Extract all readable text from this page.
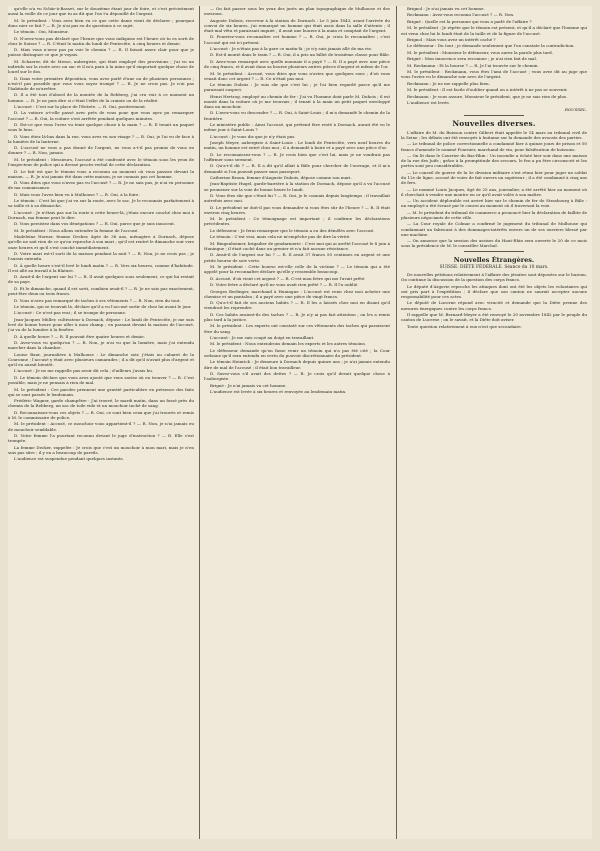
qu'elle n'a vu Schär-à-Basset, sur le douzième étant jour de foire, et c'est précisément aussi la veille de ce jour que tu as dit que l'on t'a dépouillé de l'argent.

M. le président : Vous avez bien vu ce que cette dame vient de déclarer ; pourquoi donc nier ce fait ? — R. Je n'ai pas eu de questions à ce sujet.

Le témoin : Oui, Monsieur.

D. N'avez-vous pas déclaré que l'heure que vous indiquiez est l'heure où tu es sorti de chez le Suisse ? — R. C'était le matin du lundi de Pentecôte, à cinq heures et demie.

D. Mais vous n'avez pas pu voir le chemin ? — R. Il faisait assez clair pour que je puisse distinguer ce que je voyais.

M. Schaerer, dit de Messe, aubergiste, qui était employé des provisions ; j'ai vu un individu sur la route avec un sac et il m'a paru à la mine qu'il emportait quelque chose de lourd sur le dos.

D. Dans votre première déposition, vous avez parlé d'une ou de plusieurs personnes ; n'est-il pas possible que vous vous soyez trompé ? — R. Je ne crois pas. Je n'ai pas l'habitude de m'arrêter.

D. Il a été tout d'abord de la montée de la Rebberg, j'ai cru voir à ce moment un homme. — R. Je ne puis dire si c'était l'effet de la crainte ou de la réalité.

L'accusé : C'est sur la place de l'Entrée. — R. Oui, positivement.

D. La voiture a-t-elle passé avec près de vous pour que vous ayez pu remarquer l'accusé ? — R. Oui, la voiture s'est arrêtée pendant quelques minutes.

D. Est-ce que vous l'avez vu tenir quelque chose à la main ? — R. Il tenait un paquet sous le bras.

D. Vous étiez là-bas dans la rue, vous avez vu son visage ? — R. Oui, je l'ai vu de face à la lumière de la lanterne.

D. L'accusé ne vous a pas donné de l'argent, ne vous a-t-il pas promis de vous en donner ? — R. Non, jamais.

M. le président : Messieurs, l'accusé a été confronté avec le témoin sous les yeux de l'inspecteur de police qui a dressé procès-verbal de cette déclaration.

D. Le fait est que le témoin vous a reconnu au moment où vous passiez devant la maison. — R. Je n'ai jamais été dans cette maison, je ne connais pas cet homme.

D. Vous dites que vous n'avez pas vu l'accusé ? — R. Je ne sais pas, je n'ai vu personne de ma connaissance.

D. Mais vous l'avez bien vu à Mulhouse ? — R. Oui, à la foire.

Le témoin : C'est lui que j'ai vu sur la route, avec le sac. Je le reconnais parfaitement à sa taille et à sa démarche.

L'accusé : Je n'étais pas sur la route à cette heure-là, j'étais encore couché chez moi à Dornach, ma femme peut le dire.

D. Vous persistez dans vos dénégations ? — R. Oui, parce que je suis innocent.

M. le président : Nous allons entendre la femme de l'accusé.

Madeleine Horner, femme Decker, âgée de 36 ans, ménagère à Dornach, dépose qu'elle ne sait rien de ce qu'on reproche à son mari ; qu'il est rentré le dimanche soir vers onze heures et qu'il s'est couché immédiatement.

D. Votre mari est-il sorti de la maison pendant la nuit ? — R. Non, je ne crois pas ; je l'aurais entendu.

D. À quelle heure s'est-il levé le lundi matin ? — R. Vers six heures, comme d'habitude. Il est allé au travail à la filature.

D. Avait-il de l'argent sur lui ? — R. Il avait quelques sous seulement, ce qui lui restait de sa paye.

D. Et le dimanche, quand il est sorti, combien avait-il ? — R. Je ne sais pas exactement, peut-être deux ou trois francs.

D. Vous n'avez pas remarqué de taches à ses vêtements ? — R. Non, rien du tout.

Le témoin, qui se trouvait là, déclare qu'il a vu l'accusé sortir de chez lui avant le jour.

L'accusé : Ce n'est pas vrai ; il se trompe de personne.

Jean-Jacques Müller, cultivateur à Dornach, dépose : Le lundi de Pentecôte, je me suis levé de bonne heure pour aller à mon champ ; en passant devant la maison de l'accusé, j'ai vu de la lumière à la fenêtre.

D. À quelle heure ? — R. Il pouvait être quatre heures et demie.

D. Avez-vous vu quelqu'un ? — R. Non, je n'ai vu que la lumière, mais j'ai entendu marcher dans la chambre.

Louise Baur, journalière à Mulhouse : Le dimanche soir, j'étais au cabaret de la Couronne ; l'accusé y était avec plusieurs camarades ; il a dit qu'il n'avait plus d'argent et qu'il en aurait bientôt.

L'accusé : Je ne me rappelle pas avoir dit cela ; d'ailleurs j'avais bu.

D. Le témoin déclare que vous avez ajouté que vous saviez où en trouver ? — R. C'est possible, mais je ne pensais à rien de mal.

M. le président : Ces paroles prennent une gravité particulière en présence des faits qui se sont passés le lendemain.

Frédéric Wagner, garde champêtre : J'ai trouvé, le mardi matin, dans un fossé près du chemin de la Rebberg, un sac de toile vide et un mouchoir taché de sang.

D. Reconnaissez-vous ces objets ? — R. Oui, ce sont bien ceux que j'ai trouvés et remis à M. le commissaire de police.

M. le président : Accusé, ce mouchoir vous appartient-il ? — R. Non, je n'ai jamais eu de mouchoir semblable.

D. Votre femme l'a pourtant reconnu devant le juge d'instruction ? — R. Elle s'est trompée.

La femme Decker, rappelée : Je crois que c'est un mouchoir à mon mari, mais je n'en suis pas sûre ; il y en a beaucoup de pareils.

L'audience est suspendue pendant quelques instants.

— On fait passer sous les yeux des jurés un plan topographique de Mulhouse et des environs.

Auguste Dubois, receveur à la station de Dornach : Le 5 juin 1843, avant l'arrivée du convoi de six heures, j'ai remarqué un homme qui était assis dans la salle d'attente ; il était mal vêtu et paraissait inquiet ; il avait une bourse à la main et comptait de l'argent.

D. Pourriez-vous reconnaître cet homme ? — R. Oui, je crois le reconnaître ; c'est l'accusé qui est ici présent.

L'accusé : Je n'étais pas à la gare ce matin-là ; je n'y suis jamais allé de ma vie.

D. Est-il monté dans le train ? — R. Oui, il a pris un billet de troisième classe pour Bâle.

D. Avez-vous remarqué avec quelle monnaie il a payé ? — R. Il a payé avec une pièce de cinq francs, et il avait dans sa bourse plusieurs autres pièces d'argent et même de l'or.

M. le président : Accusé, vous dites que vous n'aviez que quelques sous ; d'où vous venait donc cet argent ? — R. Ce n'était pas moi.

Le témoin Dubois : Je suis sûr que c'est lui ; je l'ai bien regardé parce qu'il me paraissait suspect.

Henri Hertzog, employé au chemin de fer : J'ai vu l'homme dont parle M. Dubois ; il est monté dans la voiture où je me trouvais ; il tenait à la main un petit paquet enveloppé dans un mouchoir.

D. L'avez-vous vu descendre ? — R. Oui, à Saint-Louis ; il m'a demandé le chemin de la frontière.

Le ministère public : Ainsi l'accusé, qui prétend être resté à Dornach, aurait été vu le même jour à Saint-Louis ?

L'accusé : Je vous dis que je n'y étais pas.

Joseph Meyer, aubergiste à Saint-Louis : Le lundi de Pentecôte, vers neuf heures du matin, un homme est entré chez moi ; il a demandé à boire et a payé avec une pièce d'or.

D. Le reconnaissez-vous ? — R. Je crois bien que c'est lui, mais je ne voudrais pas l'affirmer sous serment.

D. Qu'a-t-il dit ? — R. Il a dit qu'il allait à Bâle pour chercher de l'ouvrage, et il m'a demandé si l'on pouvait passer sans passeport.

Catherine Braun, femme d'Auguste Dubois, dépose comme son mari.

Jean-Baptiste Hugel, garde-barrière à la station de Dornach, dépose qu'il a vu l'accusé se promener sur la voie de bonne heure le lundi.

D. Vous êtes sûr que c'était lui ? — R. Oui, je le connais depuis longtemps ; il travaillait autrefois avec moi.

D. Le président ne doit-il pas vous demander si vous êtes sûr de l'heure ? — R. Il était environ cinq heures.

M. le président : Ce témoignage est important ; il confirme les déclarations précédentes.

Le défenseur : Je ferai remarquer que le témoin a eu des démêlés avec l'accusé.

Le témoin : C'est vrai, mais cela ne m'empêche pas de dire la vérité.

M. Bingenheimer, brigadier de gendarmerie : C'est moi qui ai arrêté l'accusé le 8 juin à Huningue ; il était caché dans un grenier et n'a fait aucune résistance.

D. Avait-il de l'argent sur lui ? — R. Il avait 37 francs 50 centimes en argent et une petite bourse de soie verte.

M. le président : Cette bourse est-elle celle de la victime ? — Le témoin qui a été appelé pour la reconnaître déclare qu'elle y ressemble beaucoup.

D. Accusé, d'où vient cet argent ? — R. C'est mon frère qui me l'avait prêté.

D. Votre frère a déclaré qu'il ne vous avait rien prêté ? — R. Il l'a oublié.

Georges Berlinger, marchand à Huningue : L'accusé est venu chez moi acheter une chemise et un pantalon ; il a payé avec une pièce de vingt francs.

D. Qu'a-t-il fait de ses anciens habits ? — R. Il les a laissés chez moi en disant qu'il viendrait les reprendre.

D. Ces habits avaient-ils des taches ? — R. Je n'y ai pas fait attention ; on les a remis plus tard à la justice.

M. le président : Les experts ont constaté sur ces vêtements des taches qui paraissent être du sang.

L'accusé : Je me suis coupé au doigt en travaillant.

M. le président : Nous entendrons demain les experts et les autres témoins.

Le défenseur demande qu'on fasse venir un témoin qui n'a pas été cité ; la Cour ordonne qu'il sera entendu en vertu du pouvoir discrétionnaire du président.

Le témoin Heinrich : Je demeure à Dornach depuis quinze ans ; je n'ai jamais entendu dire de mal de l'accusé ; il était bon travailleur.

D. Savez-vous s'il avait des dettes ? — R. Je crois qu'il devait quelque chose à l'aubergiste.

Brigné : Je n'ai jamais vu cet homme.

L'audience est levée à six heures et renvoyée au lendemain matin.

Brignol : Je n'ai jamais vu cet homme.

Reckmann : Avez-vous reconnu l'accusé ? — R. Non.

Brigné : Quelle est la personne qui vous a parlé de l'affaire ?

M. le président : Je répète que le témoin est présent, et qu'il a déclaré que l'homme qui est venu chez lui le lundi était de la taille et de la figure de l'accusé.

Brignol : Mais vous avez un intérêt caché ?

Le défenseur : Du tout ; je demande seulement que l'on constate la contradiction.

M. le président : Monsieur le défenseur, vous aurez la parole plus tard.

Brigné : Mon innocence sera reconnue ; je n'ai rien fait de mal.

M. Reckmann : Et la bourse ? — R. Je l'ai trouvée sur le chemin.

M. le président : Reckmann, vous êtes l'ami de l'accusé ; vous avez dit au juge que vous l'aviez vu le dimanche soir avec de l'argent.

Reckmann : Je ne me rappelle plus bien.

M. le président : Il est facile d'oublier quand on a intérêt à ne pas se souvenir.

Reckmann : Je vous assure, Monsieur le président, que je ne sais rien de plus.

L'audience est levée.

ROUSSEL.

Nouvelles diverses.

L'affaire de M. du Buisson contre Gilbert était appelée le 14 mars au tribunal civil de la Seine ; les débats ont été renvoyés à huitaine sur la demande des avocats des parties.

— Le tribunal de police correctionnelle a condamné hier à quinze jours de prison et 50 francs d'amende le nommé Fournier, marchand de vin, pour falsification de boissons.

— On lit dans le Courrier du Bas-Rhin : Un incendie a éclaté hier soir dans une maison de la rue des Juifs ; grâce à la promptitude des secours, le feu a pu être circonscrit et les pertes sont peu considérables.

— Le conseil de guerre de la 5e division militaire s'est réuni hier pour juger un soldat du 12e de ligne, accusé de voies de fait envers un supérieur ; il a été condamné à cinq ans de fers.

— Le nommé Louis Jacques, âgé de 25 ans, journalier, a été arrêté hier au moment où il cherchait à vendre une montre en or qu'il avait volée à son maître.

— Un accident déplorable est arrivé hier sur le chemin de fer de Strasbourg à Bâle : un employé a été écrasé par le convoi au moment où il traversait la voie.

— M. le président du tribunal de commerce a prononcé hier la déclaration de faillite de plusieurs négociants de cette ville.

— La Cour royale de Colmar a confirmé le jugement du tribunal de Mulhouse qui condamnait un fabricant à des dommages-intérêts envers un de ses ouvriers blessé par une machine.

— On annonce que la session des assises du Haut-Rhin sera ouverte le 20 de ce mois sous la présidence de M. le conseiller Marchal.

Nouvelles Étrangères.
SUISSE. DIÈTE FÉDÉRALE. Séance du 10 mars.

De nouvelles pétitions relativement à l'affaire des jésuites sont déposées sur le bureau. On continue la discussion de la question des corps francs.

Le député d'Argovie reproche les attaques dont ont été les objets les volontaires qui ont pris part à l'expédition ; il déclare que son canton ne saurait accepter aucune responsabilité pour ces actes.

Le député de Lucerne répond avec vivacité et demande que la Diète prenne des mesures énergiques contre les corps francs.

Il rappelle que M. Bernard-Meyer a été renvoyé le 20 novembre 1842 par le peuple du canton de Lucerne ; on le savait, et la Diète doit aviser.

Toute question relativement à eux n'est que secondaire.
